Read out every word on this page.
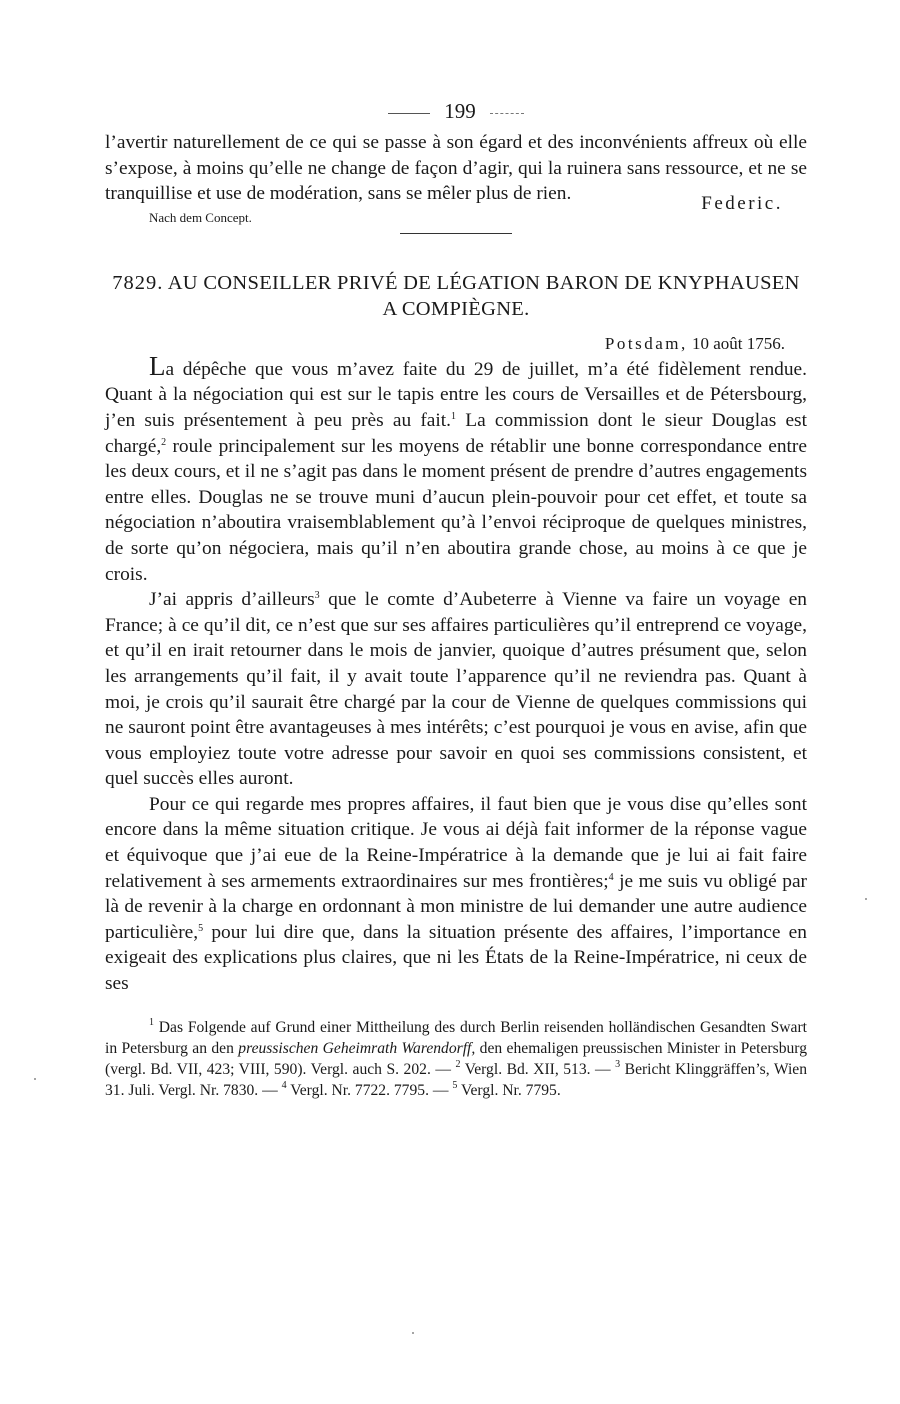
199

l’avertir naturellement de ce qui se passe à son égard et des inconvénients affreux où elle s’expose, à moins qu’elle ne change de façon d’agir, qui la ruinera sans ressource, et ne se tranquillise et use de modération, sans se mêler plus de rien.

Nach dem Concept.
Federic.
7829. AU CONSEILLER PRIVÉ DE LÉGATION BARON DE KNYPHAUSEN A COMPIÈGNE.
Potsdam, 10 août 1756.

La dépêche que vous m’avez faite du 29 de juillet, m’a été fidèlement rendue. Quant à la négociation qui est sur le tapis entre les cours de Versailles et de Pétersbourg, j’en suis présentement à peu près au fait.$^1$ La commission dont le sieur Douglas est chargé,$^2$ roule principalement sur les moyens de rétablir une bonne correspondance entre les deux cours, et il ne s’agit pas dans le moment présent de prendre d’autres engagements entre elles. Douglas ne se trouve muni d’aucun plein-pouvoir pour cet effet, et toute sa négociation n’aboutira vraisemblablement qu’à l’envoi réciproque de quelques ministres, de sorte qu’on négociera, mais qu’il n’en aboutira grande chose, au moins à ce que je crois.

J’ai appris d’ailleurs$^3$ que le comte d’Aubeterre à Vienne va faire un voyage en France; à ce qu’il dit, ce n’est que sur ses affaires particulières qu’il entreprend ce voyage, et qu’il en irait retourner dans le mois de janvier, quoique d’autres présument que, selon les arrangements qu’il fait, il y avait toute l’apparence qu’il ne reviendra pas. Quant à moi, je crois qu’il saurait être chargé par la cour de Vienne de quelques commissions qui ne sauront point être avantageuses à mes intérêts; c’est pourquoi je vous en avise, afin que vous employiez toute votre adresse pour savoir en quoi ses commissions consistent, et quel succès elles auront.

Pour ce qui regarde mes propres affaires, il faut bien que je vous dise qu’elles sont encore dans la même situation critique. Je vous ai déjà fait informer de la réponse vague et équivoque que j’ai eue de la Reine-Impératrice à la demande que je lui ai fait faire relativement à ses armements extraordinaires sur mes frontières;$^4$ je me suis vu obligé par là de revenir à la charge en ordonnant à mon ministre de lui demander une autre audience particulière,$^5$ pour lui dire que, dans la situation présente des affaires, l’importance en exigeait des explications plus claires, que ni les États de la Reine-Impératrice, ni ceux de ses

$^1$ Das Folgende auf Grund einer Mittheilung des durch Berlin reisenden holländischen Gesandten Swart in Petersburg an den preussischen Geheimrath Warendorff, den ehemaligen preussischen Minister in Petersburg (vergl. Bd. VII, 423; VIII, 590). Vergl. auch S. 202. — $^2$ Vergl. Bd. XII, 513. — $^3$ Bericht Klinggräffen’s, Wien 31. Juli. Vergl. Nr. 7830. — $^4$ Vergl. Nr. 7722. 7795. — $^5$ Vergl. Nr. 7795.
